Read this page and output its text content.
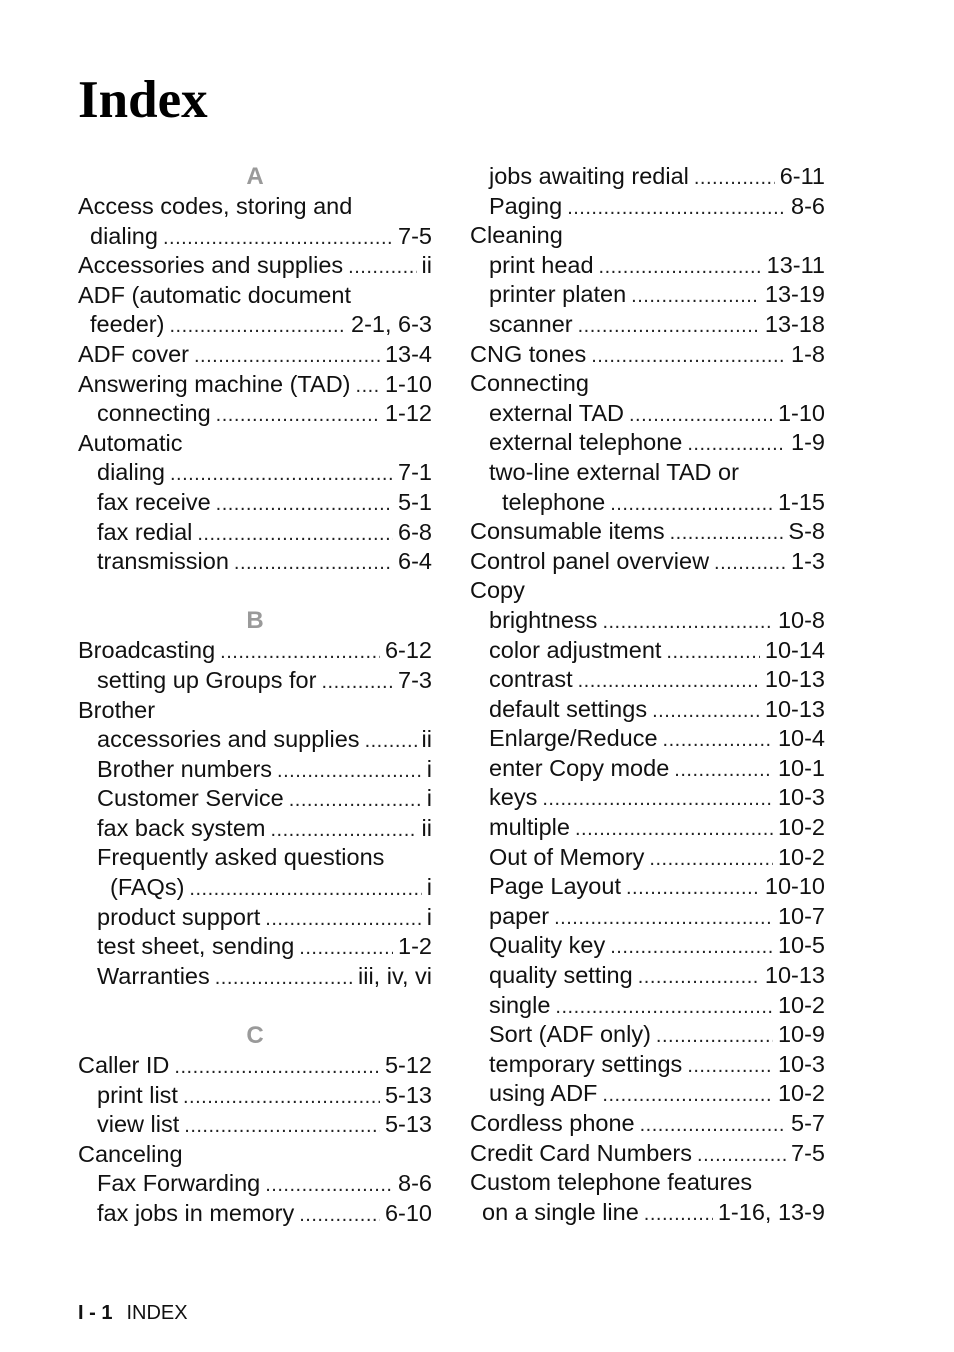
Index
A
Access codes, storing and
dialing .....	7-5
Accessories and supplies .....	ii
ADF (automatic document
feeder) .....	2-1, 6-3
ADF cover .....	13-4
Answering machine (TAD) ..... 1-10
connecting .....	1-12
Automatic
dialing .....	7-1
fax receive .....	5-1
fax redial .....	6-8
transmission .....	6-4
B
Broadcasting .....	6-12
setting up Groups for .....	7-3
Brother
accessories and supplies .....	ii
Brother numbers .....	i
Customer Service .....	i
fax back system .....	ii
Frequently asked questions
(FAQs) .....	i
product support .....	i
test sheet, sending .....	1-2
Warranties .....	iii, iv, vi
C
Caller ID .....	5-12
print list .....	5-13
view list .....	5-13
Canceling
Fax Forwarding .....	8-6
fax jobs in memory .....	6-10
jobs awaiting redial .....	6-11
Paging .....	8-6
Cleaning
print head .....	13-11
printer platen .....	13-19
scanner .....	13-18
CNG tones .....	1-8
Connecting
external TAD .....	1-10
external telephone .....	1-9
two-line external TAD or
telephone .....	1-15
Consumable items .....	S-8
Control panel overview .....	1-3
Copy
brightness .....	10-8
color adjustment .....	10-14
contrast .....	10-13
default settings .....	10-13
Enlarge/Reduce .....	10-4
enter Copy mode .....	10-1
keys .....	10-3
multiple .....	10-2
Out of Memory .....	10-2
Page Layout .....	10-10
paper .....	10-7
Quality key .....	10-5
quality setting .....	10-13
single .....	10-2
Sort (ADF only) .....	10-9
temporary settings .....	10-3
using ADF .....	10-2
Cordless phone .....	5-7
Credit Card Numbers .....	7-5
Custom telephone features
on a single line .....	1-16, 13-9
I - 1 INDEX
